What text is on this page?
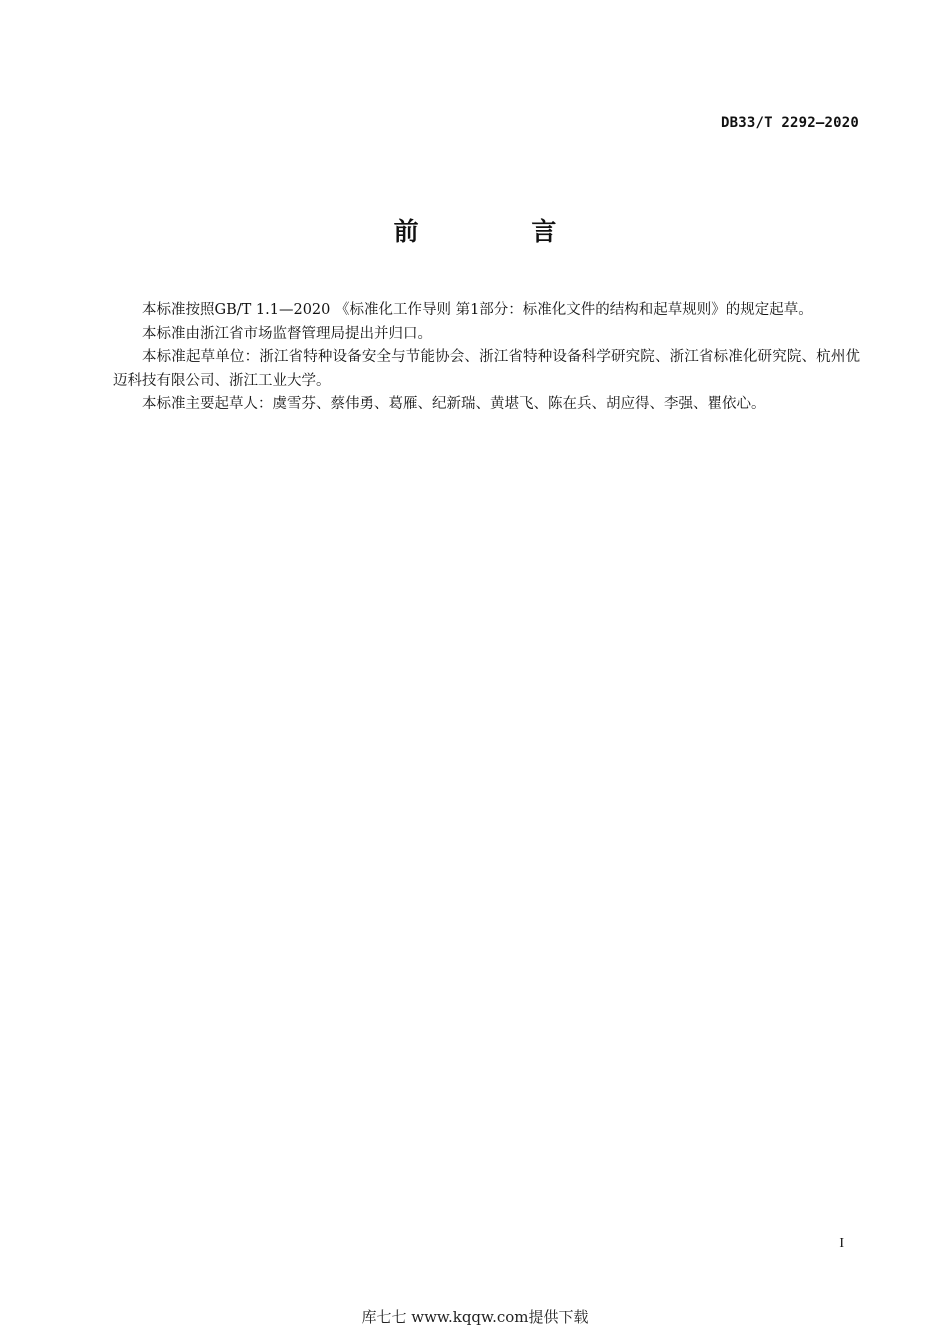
DB33/T 2292—2020
前 言

本标准按照GB/T 1.1—2020 《标准化工作导则 第1部分：标准化文件的结构和起草规则》的规定起草。

本标准由浙江省市场监督管理局提出并归口。

本标准起草单位：浙江省特种设备安全与节能协会、浙江省特种设备科学研究院、浙江省标准化研究院、杭州优迈科技有限公司、浙江工业大学。

本标准主要起草人：虞雪芬、蔡伟勇、葛雁、纪新瑞、黄堪飞、陈在兵、胡应得、李强、瞿依心。

I
库七七 www.kqqw.com提供下载
